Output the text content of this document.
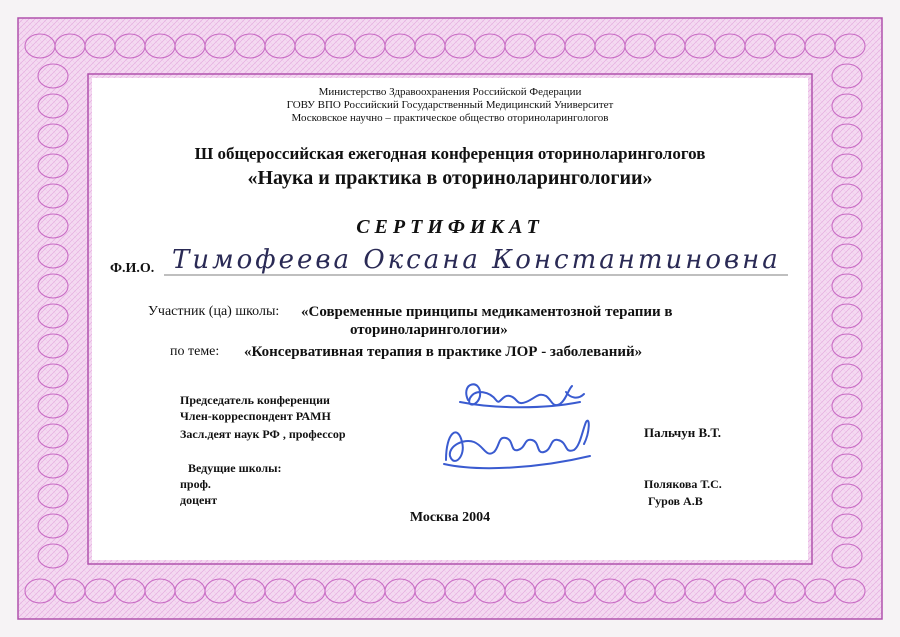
Министерство Здравоохранения Российской Федерации
ГОВУ ВПО Российский Государственный Медицинский Университет
Московское научно – практическое общество оториноларингологов
Ш общероссийская ежегодная конференция оториноларингологов
«Наука и практика в оториноларингологии»
СЕРТИФИКАТ
Ф.И.О. Тимофеева Оксана Константиновна
Участник (ца) школы: «Современные принципы медикаментозной терапии в
оториноларингологии»
по теме: «Консервативная терапия в практике ЛОР - заболеваний»
Председатель конференции
Член-корреспондент РАМН
Засл.деят наук РФ , профессор	Пальчун В.Т.
Ведущие школы:
проф.
доцент
Полякова Т.С.
Гуров А.В
Москва 2004
